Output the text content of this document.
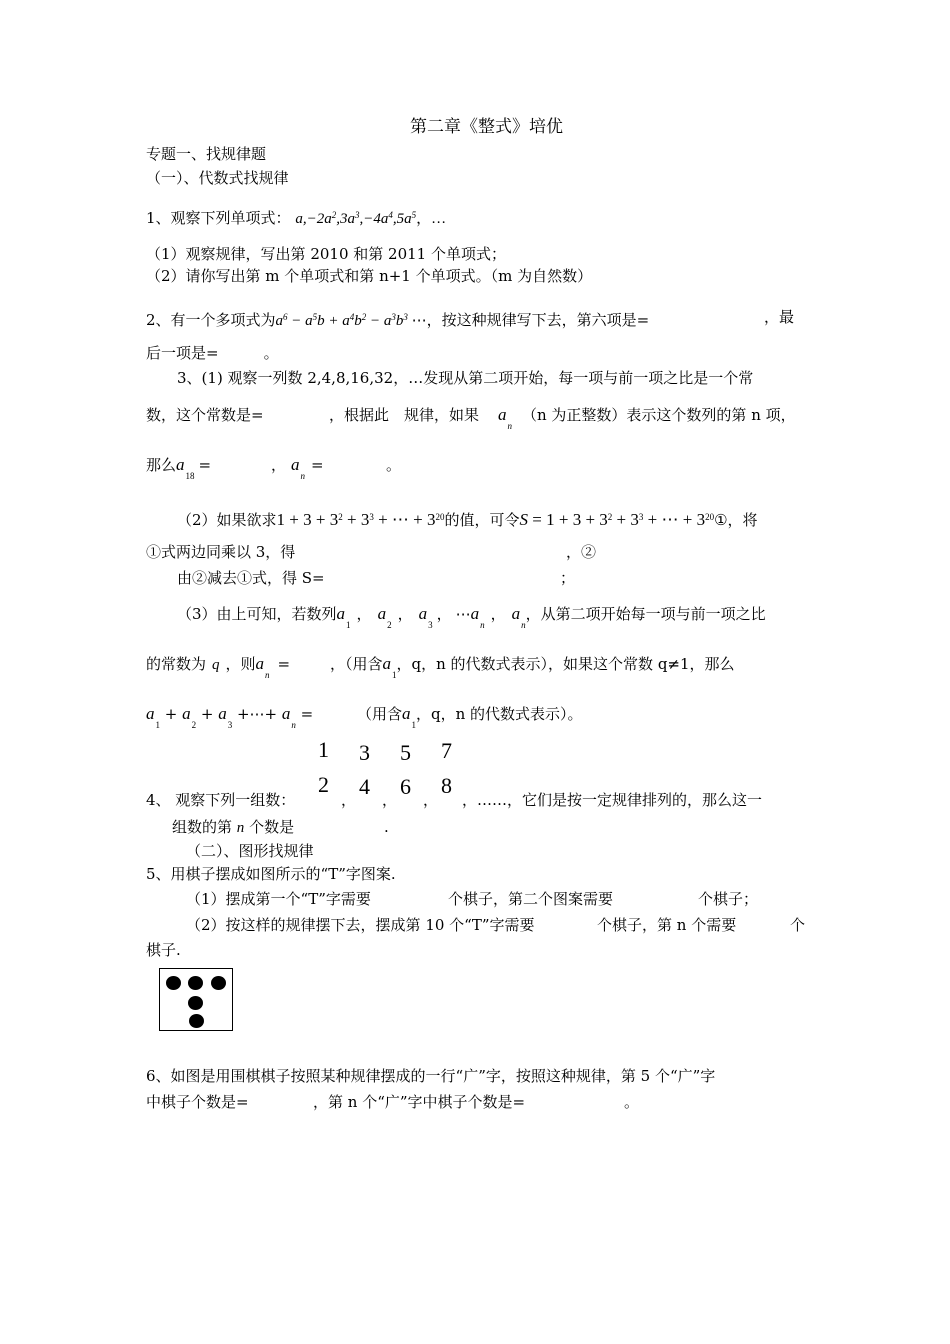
第二章《整式》培优
专题一、找规律题
（一）、代数式找规律
1、观察下列单项式： $a,-2a^2,3a^3,-4a^4,5a^5$，…
（1）观察规律，写出第 2010 和第 2011 个单项式；
（2）请你写出第 m 个单项式和第 n+1 个单项式。（m 为自然数）
2、有一个多项式为$a^6 - a^5b + a^4b^2 - a^3b^3$ ⋯，按这种规律写下去，第六项是=	，最
后一项是=　　　。
3、(1) 观察一列数 2,4,8,16,32，…发现从第二项开始，每一项与前一项之比是一个常
数，这个常数是=	，根据此　规律，如果 $a_n$
（n 为正整数）表示这个数列的第 n 项，
那么$a_{18}=$	， $a_n=$	。
（2）如果欲求$1 + 3 + 3^2 + 3^3$ + ⋯ + $3^{20}$的值，可令$S = 1 + 3 + 3^2 + 3^3$ + ⋯ + $3^{20}①$，将
①式两边同乘以 3，得	，②
由②减去①式，得 S=	；
（3）由上可知，若数列$a_1$， $a_2$， $a_3$， $\cdots a_n$， $a_n$，从第二项开始每一项与前一项之比
的常数为 q ，则$a_n=$	，（用含$a_1$，q，n 的代数式表示），如果这个常数 q≠1，那么
$a_1 + a_2 + a_3$ +⋯+ $a_n$ =	（用含$a_1$，q，n 的代数式表示）。
1 3 5 7
2 4 6 8
， ， ，
4、 观察下列一组数：	，……，它们是按一定规律排列的，那么这一
组数的第 n 个数是	.
（二）、图形找规律
5、用棋子摆成如图所示的“T”字图案.
（1）摆成第一个“T”字需要	个棋子，第二个图案需要	个棋子；
（2）按这样的规律摆下去，摆成第 10 个“T”字需要	个棋子，第 n 个需要	个
棋子.
6、如图是用围棋棋子按照某种规律摆成的一行“广”字，按照这种规律，第 5 个“广”字
中棋子个数是=	，第 n 个“广”字中棋子个数是=	。
